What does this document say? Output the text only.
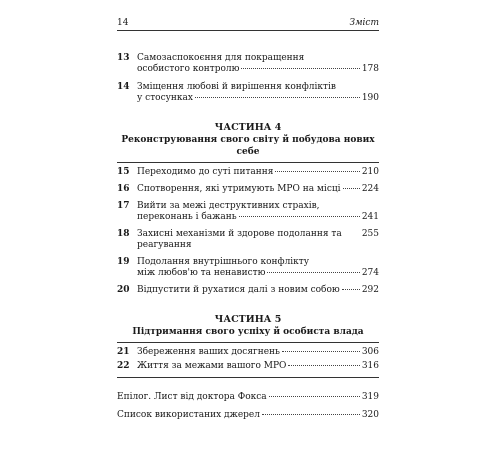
14	Зміст
13 Самозаспокоєння для покращення
особистого контролю	178
14 Зміщення любові й вирішення конфліктів
у стосунках	190
ЧАСТИНА 4
Реконструювання свого світу й побудова нових себе
15 Переходимо до суті питання	210
16 Спотворення, які утримують МРО на місці 224
17 Вийти за межі деструктивних страхів,
переконань і бажань	241
18 Захисні механізми й здорове подолання та реагування
255
19 Подолання внутрішнього конфлікту
між любов'ю та ненавистю	274
20 Відпустити й рухатися далі з новим собою 292
ЧАСТИНА 5
Підтримання свого успіху й особиста влада
21 Збереження ваших досягнень	306
22 Життя за межами вашого МРО	316
Епілог. Лист від доктора Фокса	319
Список використаних джерел	320
